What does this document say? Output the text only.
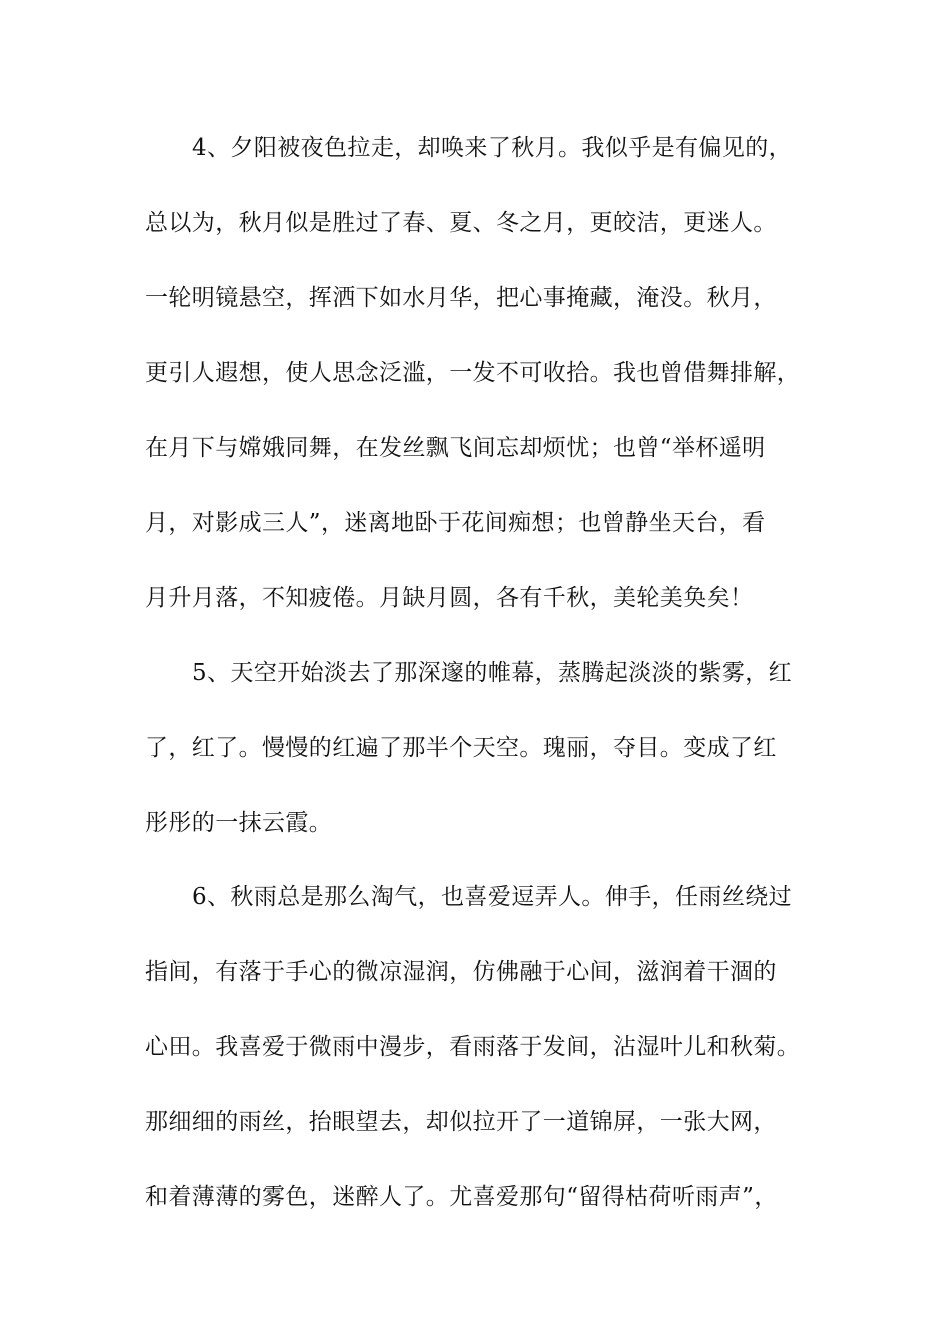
4、夕阳被夜色拉走，却唤来了秋月。我似乎是有偏见的，
总以为，秋月似是胜过了春、夏、冬之月，更皎洁，更迷人。
一轮明镜悬空，挥洒下如水月华，把心事掩藏，淹没。秋月，
更引人遐想，使人思念泛滥，一发不可收拾。我也曾借舞排解，
在月下与嫦娥同舞，在发丝飘飞间忘却烦忧；也曾“举杯遥明
月，对影成三人”，迷离地卧于花间痴想；也曾静坐天台，看
月升月落，不知疲倦。月缺月圆，各有千秋，美轮美奂矣！
5、天空开始淡去了那深邃的帷幕，蒸腾起淡淡的紫雾，红
了，红了。慢慢的红遍了那半个天空。瑰丽，夺目。变成了红
彤彤的一抹云霞。
6、秋雨总是那么淘气，也喜爱逗弄人。伸手，任雨丝绕过
指间，有落于手心的微凉湿润，仿佛融于心间，滋润着干涸的
心田。我喜爱于微雨中漫步，看雨落于发间，沾湿叶儿和秋菊。
那细细的雨丝，抬眼望去，却似拉开了一道锦屏，一张大网，
和着薄薄的雾色，迷醉人了。尤喜爱那句“留得枯荷听雨声”，
